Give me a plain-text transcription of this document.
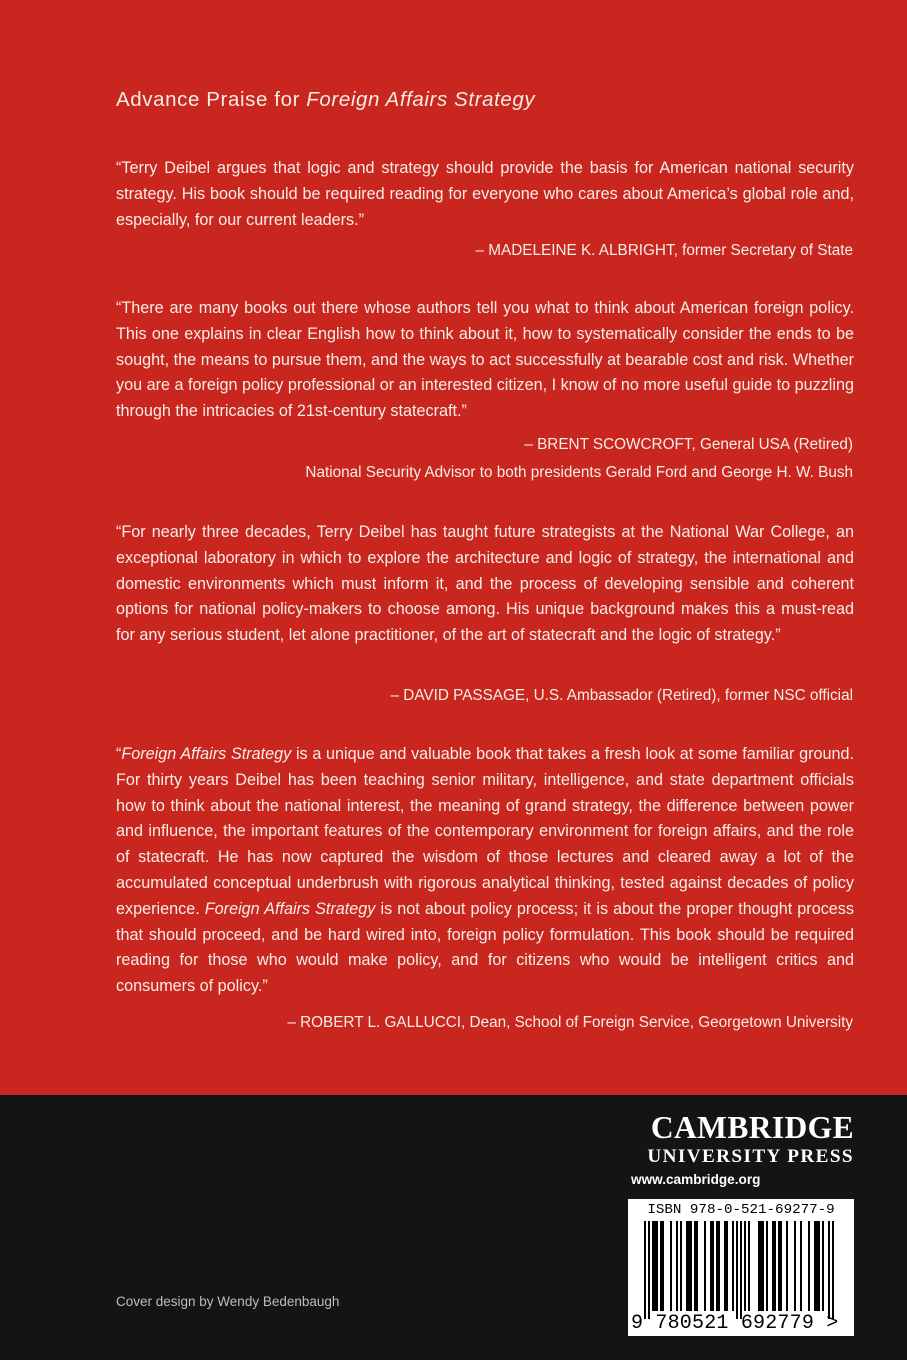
Advance Praise for Foreign Affairs Strategy

“Terry Deibel argues that logic and strategy should provide the basis for American national security strategy. His book should be required reading for everyone who cares about America’s global role and, especially, for our current leaders.”

– MADELEINE K. ALBRIGHT, former Secretary of State

“There are many books out there whose authors tell you what to think about American foreign policy. This one explains in clear English how to think about it, how to systematically consider the ends to be sought, the means to pursue them, and the ways to act successfully at bearable cost and risk. Whether you are a foreign policy professional or an interested citizen, I know of no more useful guide to puzzling through the intricacies of 21st-century statecraft.”

– BRENT SCOWCROFT, General USA (Retired)
National Security Advisor to both presidents Gerald Ford and George H. W. Bush

“For nearly three decades, Terry Deibel has taught future strategists at the National War College, an exceptional laboratory in which to explore the architecture and logic of strategy, the international and domestic environments which must inform it, and the process of developing sensible and coherent options for national policy-makers to choose among. His unique background makes this a must-read for any serious student, let alone practitioner, of the art of statecraft and the logic of strategy.”

– DAVID PASSAGE, U.S. Ambassador (Retired), former NSC official

“Foreign Affairs Strategy is a unique and valuable book that takes a fresh look at some familiar ground. For thirty years Deibel has been teaching senior military, intelligence, and state department officials how to think about the national interest, the meaning of grand strategy, the difference between power and influence, the important features of the contemporary environment for foreign affairs, and the role of statecraft. He has now captured the wisdom of those lectures and cleared away a lot of the accumulated conceptual underbrush with rigorous analytical thinking, tested against decades of policy experience. Foreign Affairs Strategy is not about policy process; it is about the proper thought process that should proceed, and be hard wired into, foreign policy formulation. This book should be required reading for those who would make policy, and for citizens who would be intelligent critics and consumers of policy.”

– ROBERT L. GALLUCCI, Dean, School of Foreign Service, Georgetown University
CAMBRIDGE
UNIVERSITY PRESS
www.cambridge.org
ISBN 978-0-521-69277-9
9 780521 692779 >
Cover design by Wendy Bedenbaugh
